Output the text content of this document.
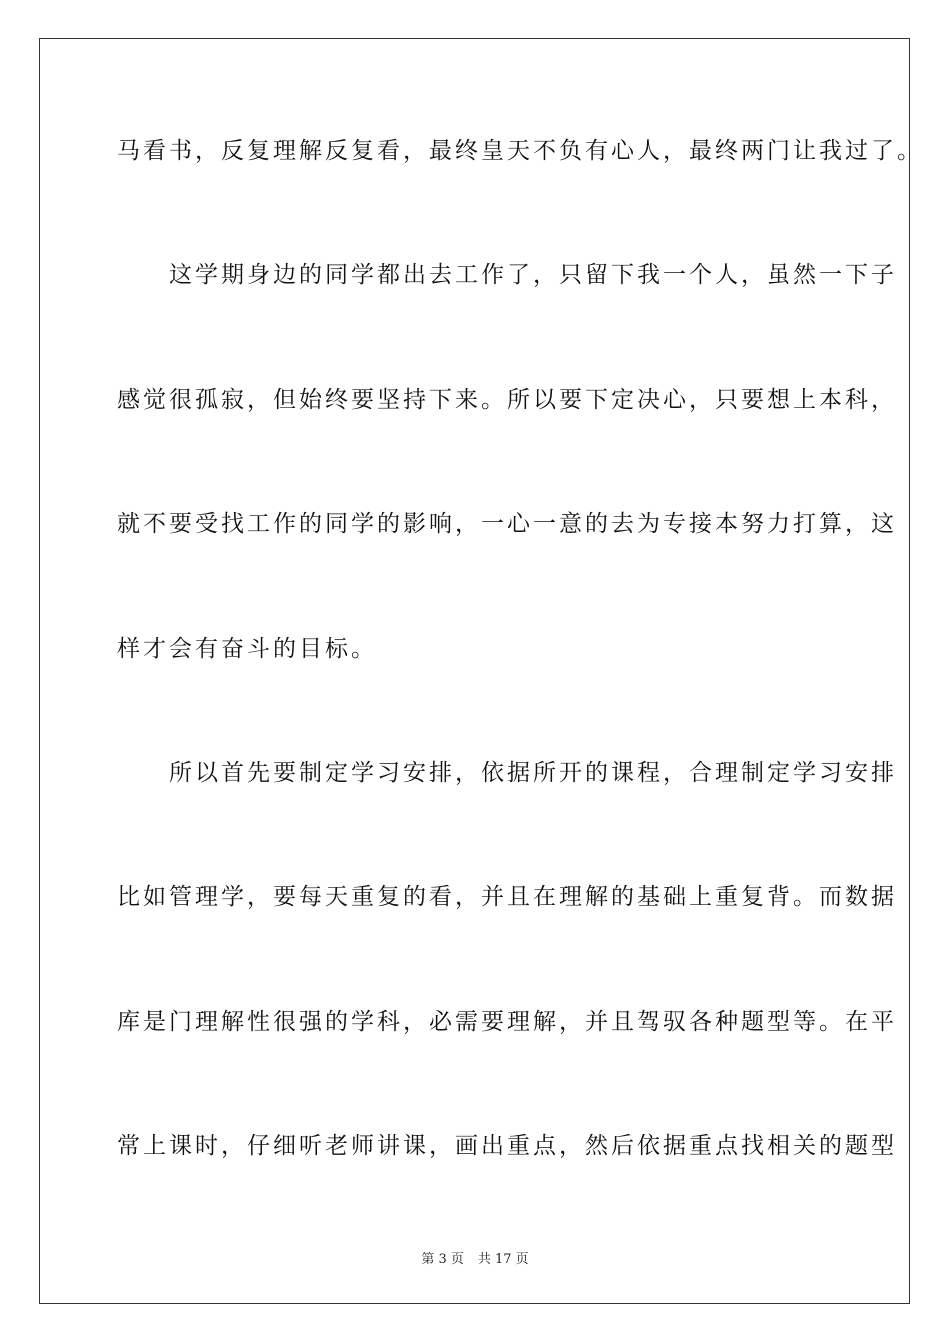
马看书，反复理解反复看，最终皇天不负有心人，最终两门让我过了。
　　这学期身边的同学都出去工作了，只留下我一个人，虽然一下子
感觉很孤寂，但始终要坚持下来。所以要下定决心，只要想上本科，
就不要受找工作的同学的影响，一心一意的去为专接本努力打算，这
样才会有奋斗的目标。
　　所以首先要制定学习安排，依据所开的课程，合理制定学习安排
比如管理学，要每天重复的看，并且在理解的基础上重复背。而数据
库是门理解性很强的学科，必需要理解，并且驾驭各种题型等。在平
常上课时，仔细听老师讲课，画出重点，然后依据重点找相关的题型
第 3 页 共 17 页
